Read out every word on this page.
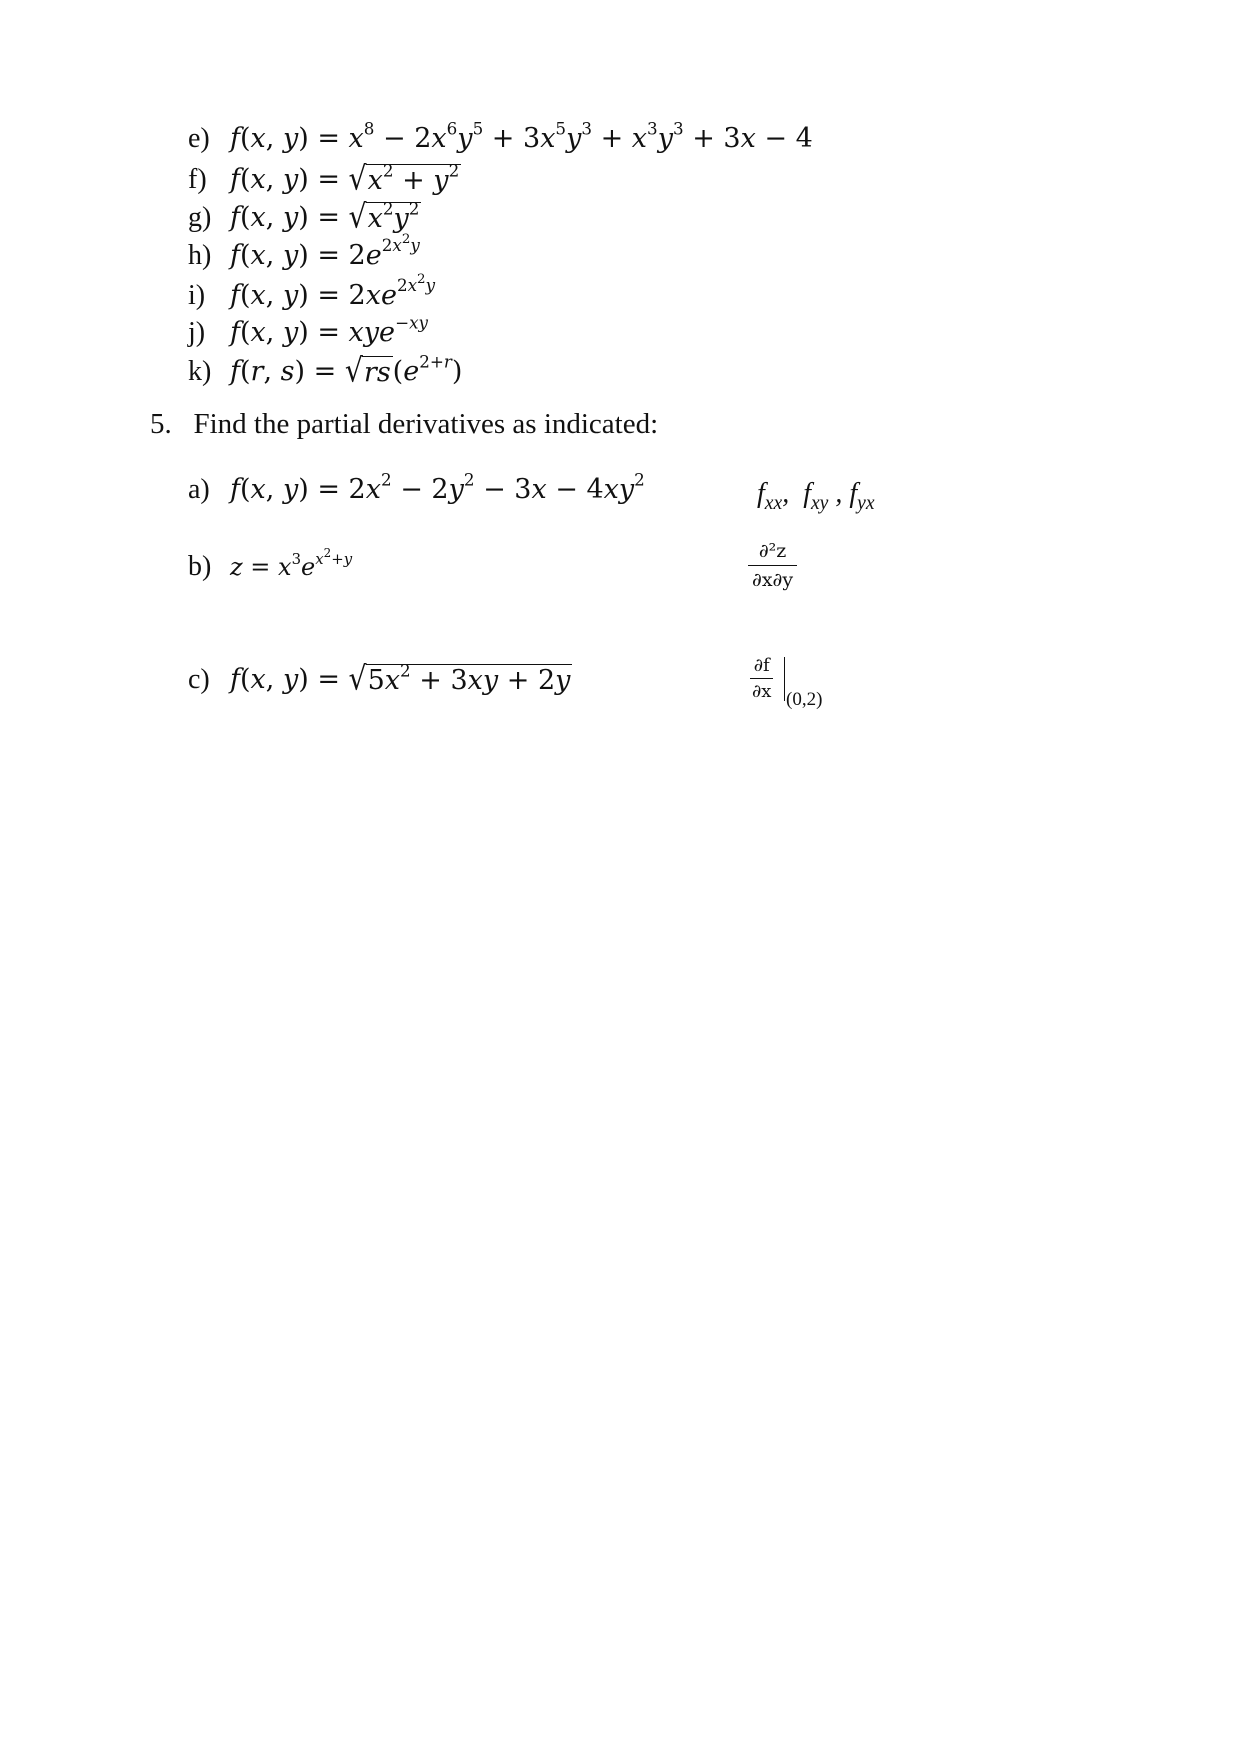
e) f(x, $y) = x^8 - 2x^6y^5 + 3x^5y^3 + x^3y^3 + 3x - 4$
f) f(x, y) = √ $x^2 + y^2$
g) f(x, y) = √ $x^2y^2$
h) f(x, $y) = 2e^{2x^2y}$
i) f(x, $y) = 2xe^{2x^2y}$
j) f(x, y) = xye$^{-xy}$
k) f(r, s) = √ rs $(e^{2+r})$
5. Find the partial derivatives as indicated:
a) f(x, $y) = 2x^2 - 2y^2 - 3x - 4xy^2$	$f_{xx}$,  $f_{xy}$ , $f_{yx}$
b) $z = x^3e^{x^2+y}$	$\frac{\text{∂²z}}{\partial x\partial y}$
c) f(x, y) = √ $5x^2 + 3xy + 2y$	$\frac{\partial f}{\partial x} (0,2)$
